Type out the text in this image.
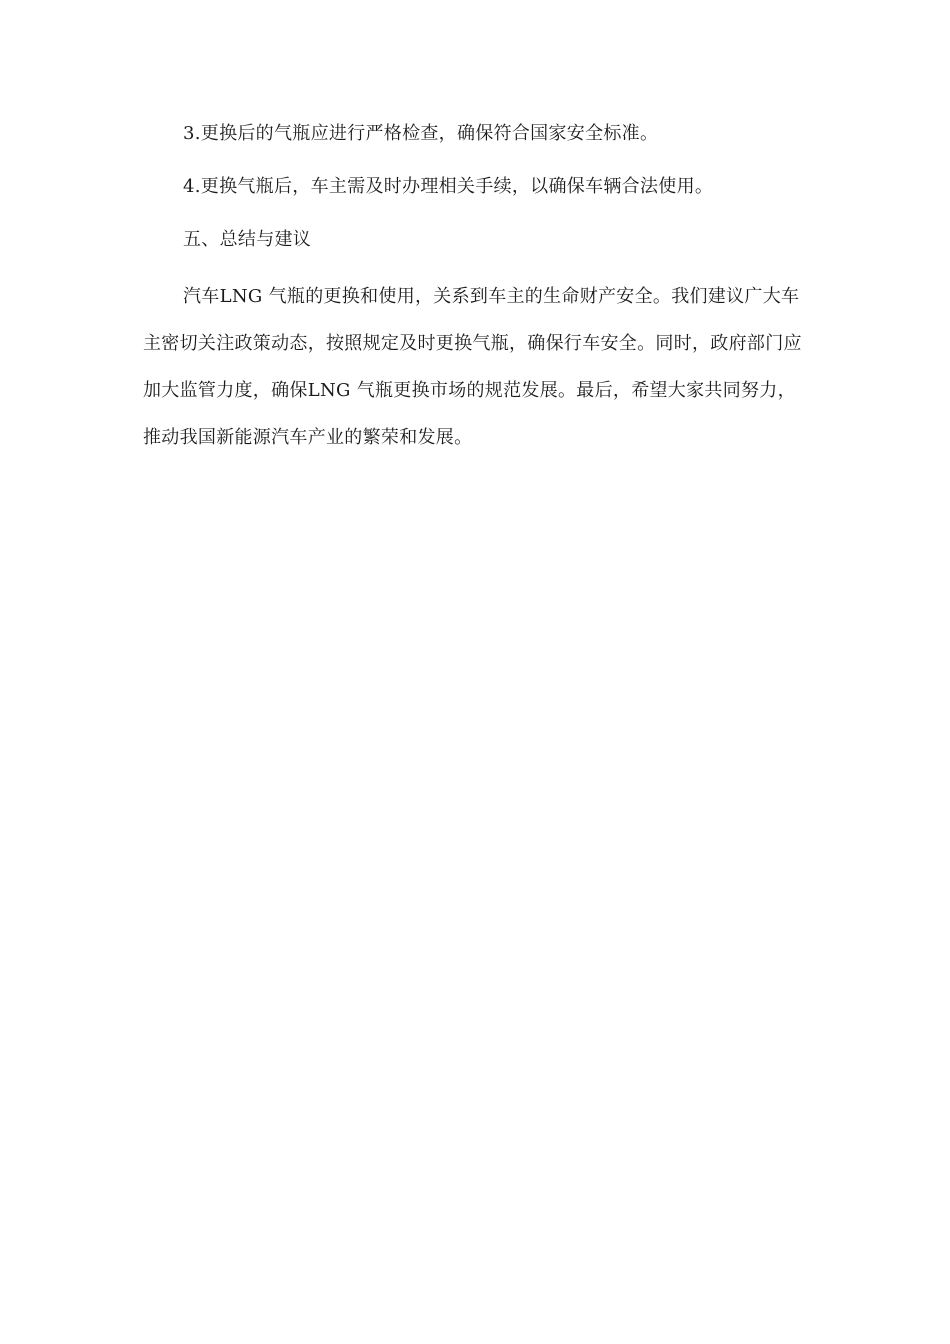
3.更换后的气瓶应进行严格检查，确保符合国家安全标准。

4.更换气瓶后，车主需及时办理相关手续，以确保车辆合法使用。

五、总结与建议

汽车LNG 气瓶的更换和使用，关系到车主的生命财产安全。我们建议广大车主密切关注政策动态，按照规定及时更换气瓶，确保行车安全。同时，政府部门应加大监管力度，确保LNG 气瓶更换市场的规范发展。最后，希望大家共同努力，推动我国新能源汽车产业的繁荣和发展。
